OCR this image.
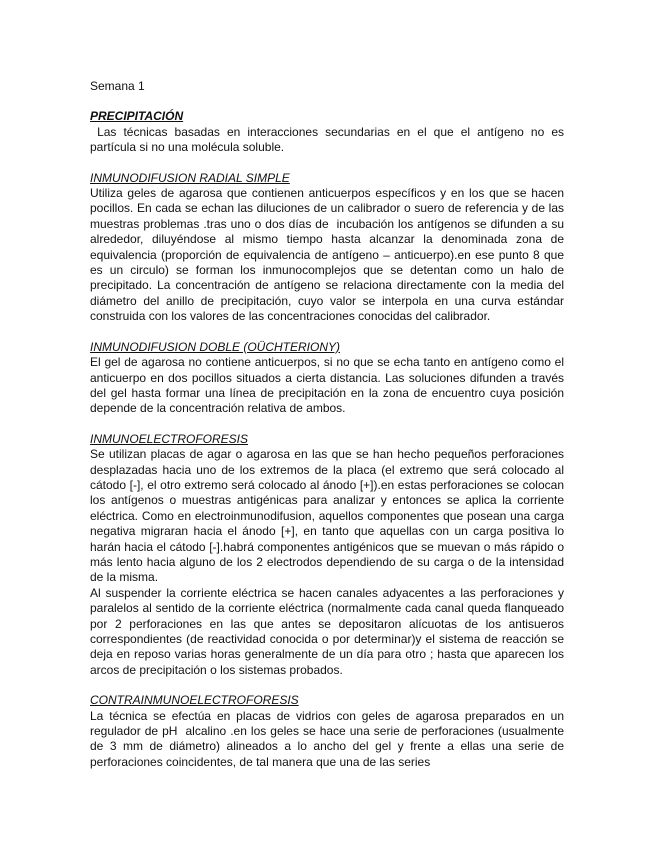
Semana 1

PRECIPITACIÓN

Las técnicas basadas en interacciones secundarias en el que el antígeno no es partícula si no una molécula soluble.

INMUNODIFUSION RADIAL SIMPLE

Utiliza geles de agarosa que contienen anticuerpos específicos y en los que se hacen pocillos. En cada se echan las diluciones de un calibrador o suero de referencia y de las muestras problemas .tras uno o dos días de  incubación los antígenos se difunden a su alrededor, diluyéndose al mismo tiempo hasta alcanzar la denominada zona de equivalencia (proporción de equivalencia de antígeno – anticuerpo).en ese punto 8 que es un circulo) se forman los inmunocomplejos que se detentan como un halo de precipitado. La concentración de antígeno se relaciona directamente con la media del diámetro del anillo de precipitación, cuyo valor se interpola en una curva estándar construida con los valores de las concentraciones conocidas del calibrador.

INMUNODIFUSION DOBLE (OÜCHTERIONY)

El gel de agarosa no contiene anticuerpos, si no que se echa tanto en antígeno como el anticuerpo en dos pocillos situados a cierta distancia. Las soluciones difunden a través del gel hasta formar una línea de precipitación en la zona de encuentro cuya posición depende de la concentración relativa de ambos.

INMUNOELECTROFORESIS

Se utilizan placas de agar o agarosa en las que se han hecho pequeños perforaciones desplazadas hacia uno de los extremos de la placa (el extremo que será colocado al cátodo [-], el otro extremo será colocado al ánodo [+]).en estas perforaciones se colocan los antígenos o muestras antigénicas para analizar y entonces se aplica la corriente eléctrica. Como en electroinmunodifusion, aquellos componentes que posean una carga negativa migraran hacia el ánodo [+], en tanto que aquellas con un carga positiva lo harán hacia el cátodo [-].habrá componentes antigénicos que se muevan o más rápido o más lento hacia alguno de los 2 electrodos dependiendo de su carga o de la intensidad de la misma.

Al suspender la corriente eléctrica se hacen canales adyacentes a las perforaciones y paralelos al sentido de la corriente eléctrica (normalmente cada canal queda flanqueado por 2 perforaciones en las que antes se depositaron alícuotas de los antisueros correspondientes (de reactividad conocida o por determinar)y el sistema de reacción se deja en reposo varias horas generalmente de un día para otro ; hasta que aparecen los arcos de precipitación o los sistemas probados.

CONTRAINMUNOELECTROFORESIS

La técnica se efectúa en placas de vidrios con geles de agarosa preparados en un regulador de pH  alcalino .en los geles se hace una serie de perforaciones (usualmente de 3 mm de diámetro) alineados a lo ancho del gel y frente a ellas una serie de perforaciones coincidentes, de tal manera que una de las series
